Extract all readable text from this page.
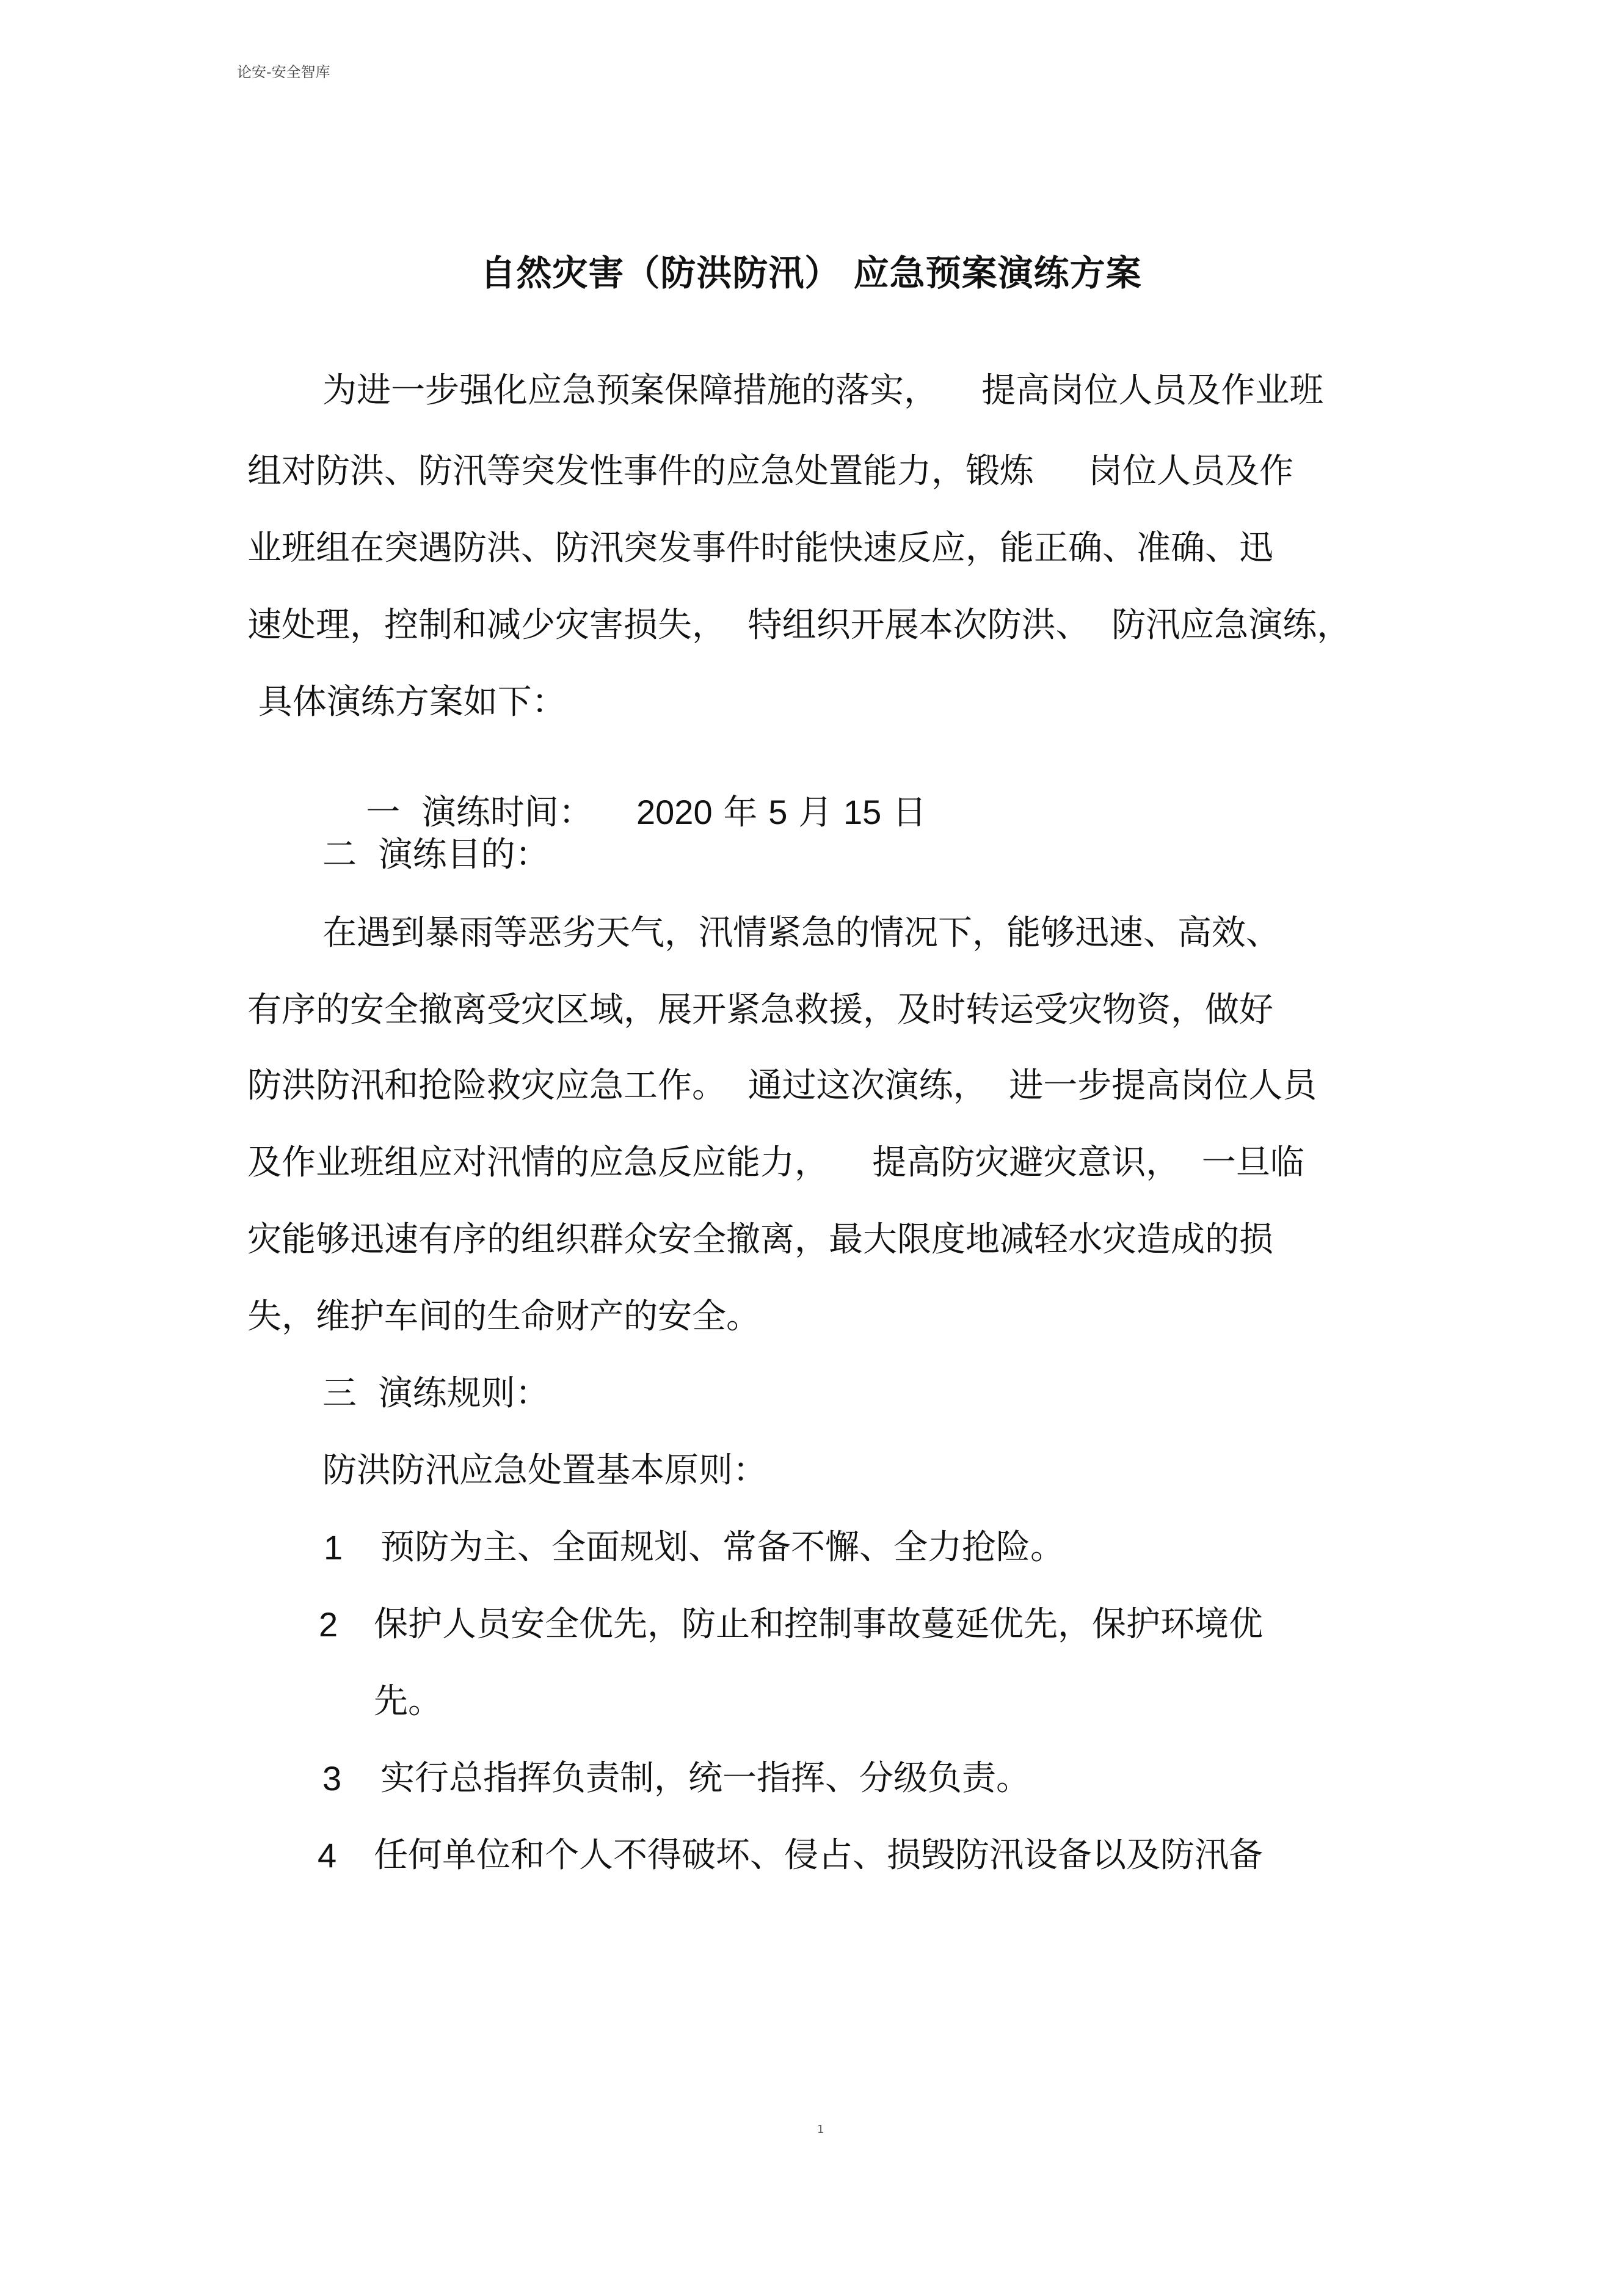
论安-安全智库
自然灾害（防洪防汛） 应急预案演练方案
为进一步强化应急预案保障措施的落实，    提高岗位人员及作业班
组对防洪、防汛等突发性事件的应急处置能力，锻炼     岗位人员及作
业班组在突遇防洪、防汛突发事件时能快速反应，能正确、准确、迅
速处理，控制和减少灾害损失，  特组织开展本次防洪、  防汛应急演练，
具体演练方案如下：

一  演练时间： 2020 年 5 月 15 日

二  演练目的：
在遇到暴雨等恶劣天气，汛情紧急的情况下，能够迅速、高效、
有序的安全撤离受灾区域，展开紧急救援，及时转运受灾物资，做好
防洪防汛和抢险救灾应急工作。  通过这次演练，  进一步提高岗位人员
及作业班组应对汛情的应急反应能力，    提高防灾避灾意识，  一旦临
灾能够迅速有序的组织群众安全撤离，最大限度地减轻水灾造成的损
失，维护车间的生命财产的安全。
三  演练规则：
防洪防汛应急处置基本原则：
1 预防为主、全面规划、常备不懈、全力抢险。
2 保护人员安全优先，防止和控制事故蔓延优先，保护环境优
先。
3 实行总指挥负责制，统一指挥、分级负责。
4 任何单位和个人不得破坏、侵占、损毁防汛设备以及防汛备
1
